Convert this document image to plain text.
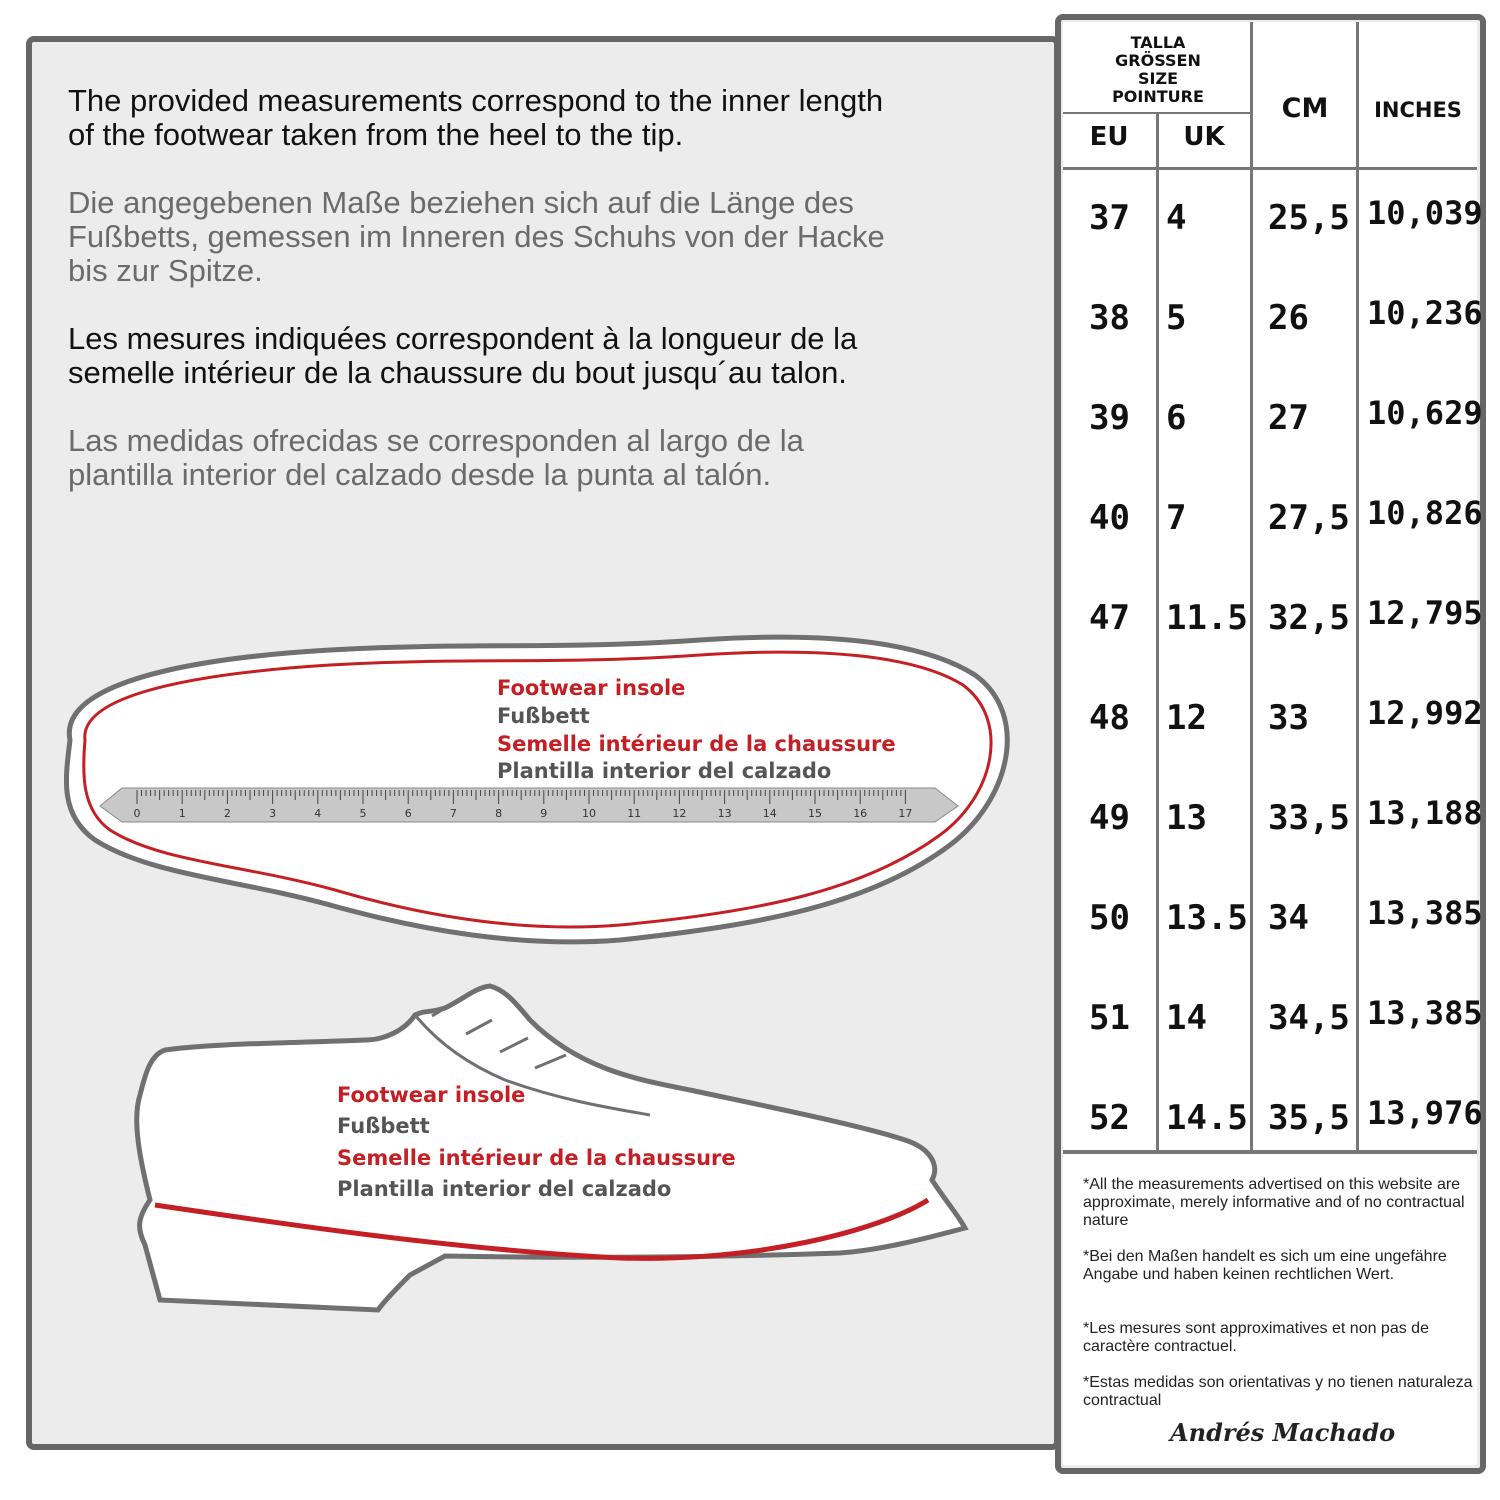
The provided measurements correspond to the inner length
of the footwear taken from the heel to the tip.

Die angegebenen Maße beziehen sich auf die Länge des
Fußbetts, gemessen im Inneren des Schuhs von der Hacke
bis zur Spitze.

Les mesures indiquées correspondent à la longueur de la
semelle intérieur de la chaussure du bout jusqu´au talon.

Las medidas ofrecidas se corresponden al largo de la
plantilla interior del calzado desde la punta al talón.

0	1	2	3	4	5	6	7	8	9	10	11	12	13	14	15	16	17
Footwear insole
Fußbett
Semelle intérieur de la chaussure
Plantilla interior del calzado
Footwear insole
Fußbett
Semelle intérieur de la chaussure
Plantilla interior del calzado
TALLA
GRÖSSEN
SIZE
POINTURE
EU	UK
CM	INCHES
37 4 25,5 10,039
38 5 26 10,236
39 6 27 10,629
40 7 27,5 10,826
47 11.5 32,5 12,795
48 12 33 12,992
49 13 33,5 13,188
50 13.5 34 13,385
51 14 34,5 13,385
52 14.5 35,5 13,976

*All the measurements advertised on this website are approximate, merely informative and of no contractual nature

*Bei den Maßen handelt es sich um eine ungefähre Angabe und haben keinen rechtlichen Wert.

*Les mesures sont approximatives et non pas de caractère contractuel.

*Estas medidas son orientativas y no tienen naturaleza contractual

Andrés Machado
